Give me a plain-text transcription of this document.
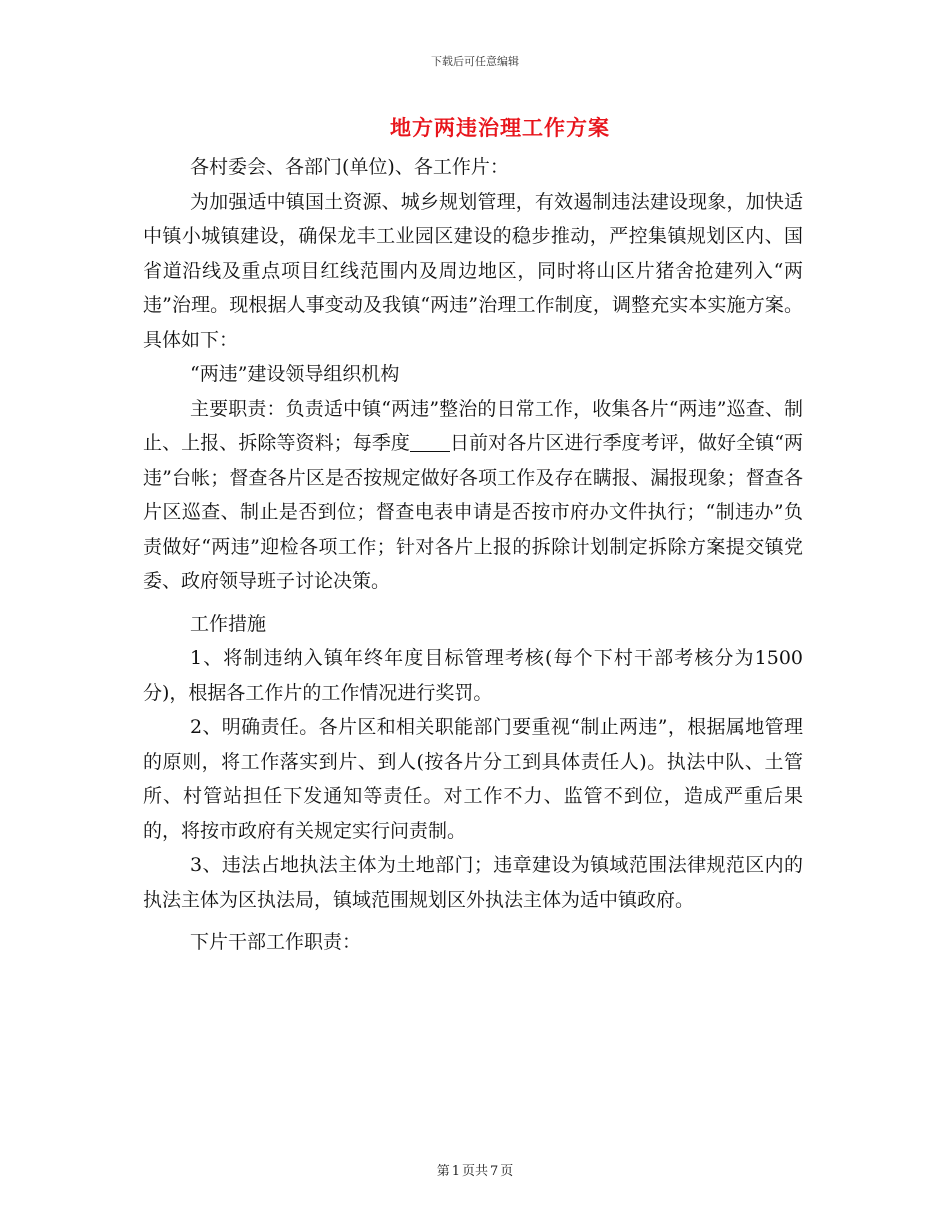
下载后可任意编辑
地方两违治理工作方案

各村委会、各部门(单位)、各工作片：

为加强适中镇国土资源、城乡规划管理，有效遏制违法建设现象，加快适中镇小城镇建设，确保龙丰工业园区建设的稳步推动，严控集镇规划区内、国省道沿线及重点项目红线范围内及周边地区，同时将山区片猪舍抢建列入“两违”治理。现根据人事变动及我镇“两违”治理工作制度，调整充实本实施方案。具体如下：

“两违”建设领导组织机构

主要职责：负责适中镇“两违”整治的日常工作，收集各片“两违”巡查、制止、上报、拆除等资料；每季度 日前对各片区进行季度考评，做好全镇“两违”台帐；督查各片区是否按规定做好各项工作及存在瞒报、漏报现象；督查各片区巡查、制止是否到位；督查电表申请是否按市府办文件执行；“制违办”负责做好“两违”迎检各项工作；针对各片上报的拆除计划制定拆除方案提交镇党委、政府领导班子讨论决策。

工作措施

1、将制违纳入镇年终年度目标管理考核(每个下村干部考核分为1500分)，根据各工作片的工作情况进行奖罚。

2、明确责任。各片区和相关职能部门要重视“制止两违”，根据属地管理的原则，将工作落实到片、到人(按各片分工到具体责任人)。执法中队、土管所、村管站担任下发通知等责任。对工作不力、监管不到位，造成严重后果的，将按市政府有关规定实行问责制。

3、违法占地执法主体为土地部门；违章建设为镇域范围法律规范区内的执法主体为区执法局，镇域范围规划区外执法主体为适中镇政府。

下片干部工作职责：

第 1 页共 7 页
